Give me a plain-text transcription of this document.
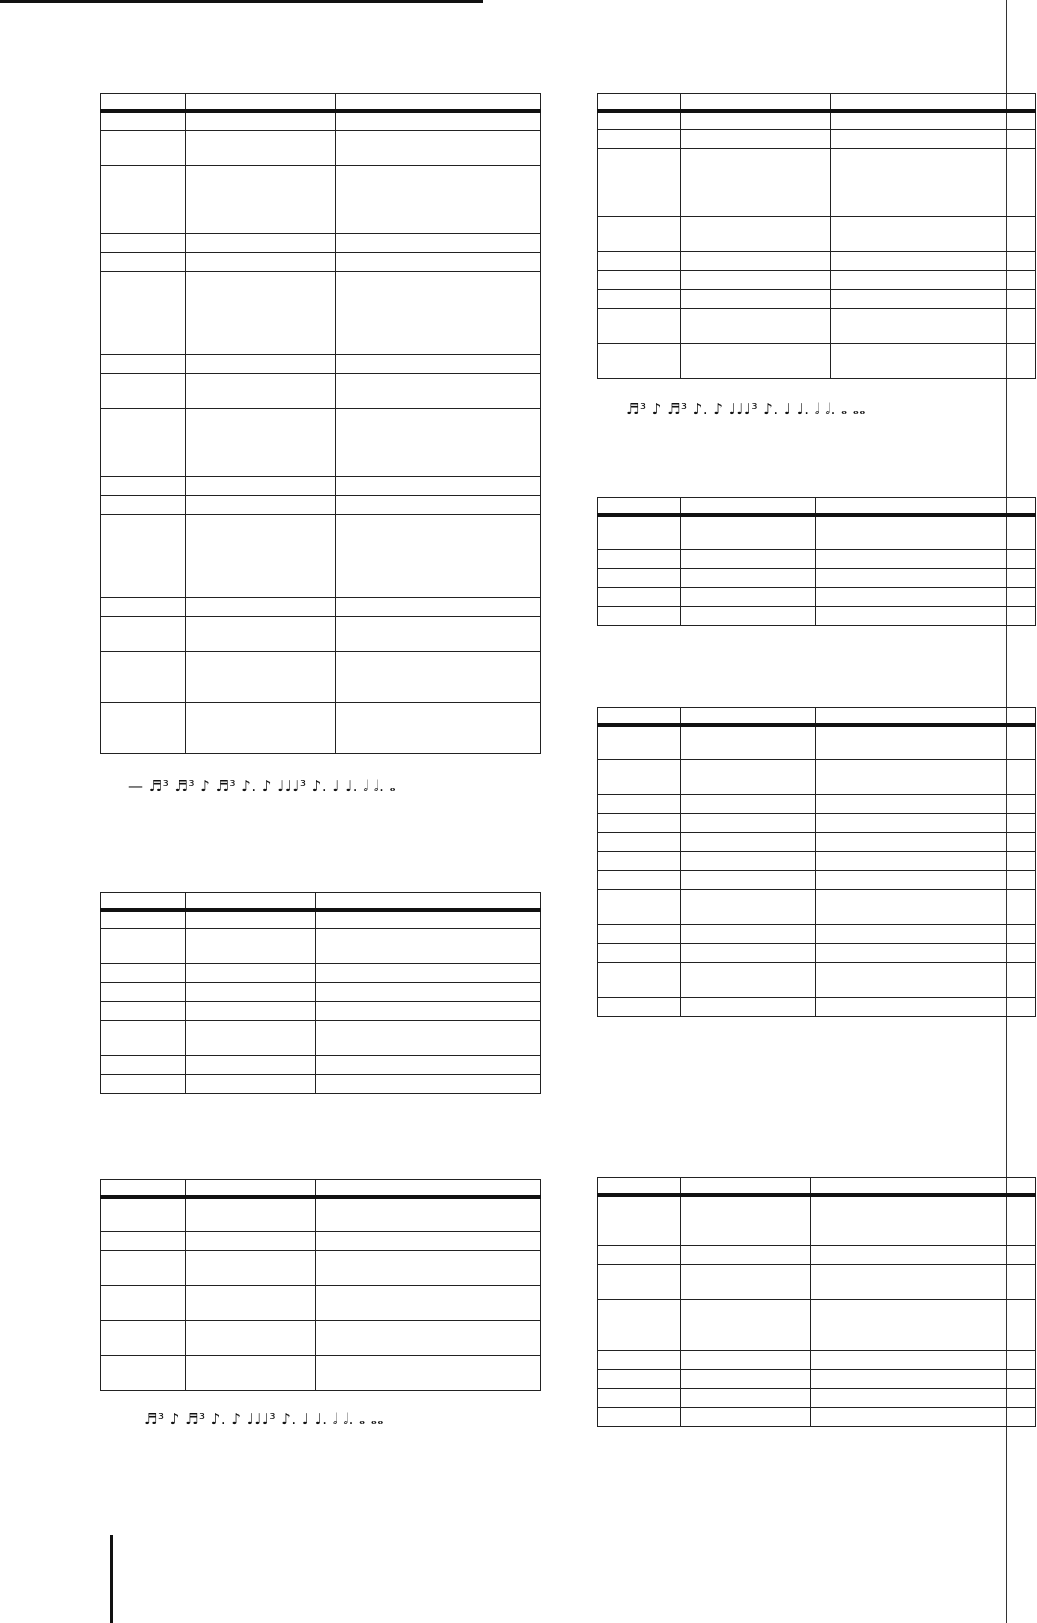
— ♬³ ♬³ ♪ ♬³ ♪. ♪ ♩♩♩³ ♪. ♩ ♩. 𝅗𝅥 𝅗𝅥. 𝅝

♬³ ♪ ♬³ ♪. ♪ ♩♩♩³ ♪. ♩ ♩. 𝅗𝅥 𝅗𝅥. 𝅝 𝅝𝅝

♬³ ♪ ♬³ ♪. ♪ ♩♩♩³ ♪. ♩ ♩. 𝅗𝅥 𝅗𝅥. 𝅝 𝅝𝅝
